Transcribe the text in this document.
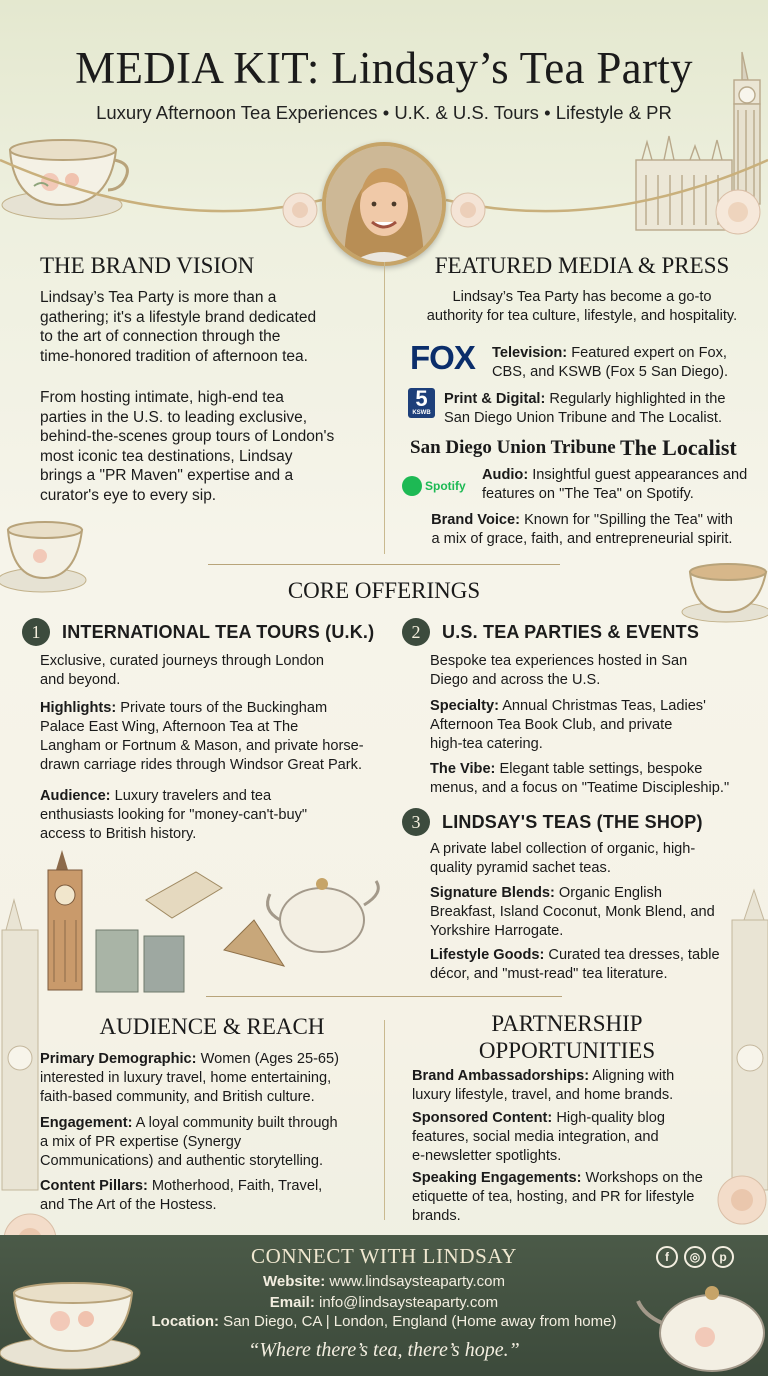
MEDIA KIT: Lindsay’s Tea Party
Luxury Afternoon Tea Experiences • U.K. & U.S. Tours • Lifestyle & PR
THE BRAND VISION
Lindsay’s Tea Party is more than a
gathering; it's a lifestyle brand dedicated
to the art of connection through the
time-honored tradition of afternoon tea.
From hosting intimate, high-end tea
parties in the U.S. to leading exclusive,
behind-the-scenes group tours of London's
most iconic tea destinations, Lindsay
brings a "PR Maven" expertise and a
curator's eye to every sip.
FEATURED MEDIA & PRESS
Lindsay’s Tea Party has become a go-to
authority for tea culture, lifestyle, and hospitality.
FOX Television: Featured expert on Fox,
CBS, and KSWB (Fox 5 San Diego).
5
KSWB
Print & Digital: Regularly highlighted in the
San Diego Union Tribune and The Localist.
San Diego Union Tribune The Localist
Spotify
Audio: Insightful guest appearances and
features on "The Tea" on Spotify.
Brand Voice: Known for "Spilling the Tea" with
a mix of grace, faith, and entrepreneurial spirit.
CORE OFFERINGS
1	INTERNATIONAL TEA TOURS (U.K.)
Exclusive, curated journeys through London
and beyond.
Highlights: Private tours of the Buckingham
Palace East Wing, Afternoon Tea at The
Langham or Fortnum & Mason, and private horse-
drawn carriage rides through Windsor Great Park.
Audience: Luxury travelers and tea
enthusiasts looking for "money-can't-buy"
access to British history.
2	U.S. TEA PARTIES & EVENTS
Bespoke tea experiences hosted in San
Diego and across the U.S.
Specialty: Annual Christmas Teas, Ladies'
Afternoon Tea Book Club, and private
high-tea catering.
The Vibe: Elegant table settings, bespoke
menus, and a focus on "Teatime Discipleship."
3	LINDSAY'S TEAS (THE SHOP)
A private label collection of organic, high-
quality pyramid sachet teas.
Signature Blends: Organic English
Breakfast, Island Coconut, Monk Blend, and
Yorkshire Harrogate.
Lifestyle Goods: Curated tea dresses, table
décor, and "must-read" tea literature.
AUDIENCE & REACH
Primary Demographic: Women (Ages 25-65)
interested in luxury travel, home entertaining,
faith-based community, and British culture.
Engagement: A loyal community built through
a mix of PR expertise (Synergy
Communications) and authentic storytelling.
Content Pillars: Motherhood, Faith, Travel,
and The Art of the Hostess.
PARTNERSHIP
OPPORTUNITIES
Brand Ambassadorships: Aligning with
luxury lifestyle, travel, and home brands.
Sponsored Content: High-quality blog
features, social media integration, and
e-newsletter spotlights.
Speaking Engagements: Workshops on the
etiquette of tea, hosting, and PR for lifestyle
brands.
CONNECT WITH LINDSAY	f	◎	p
Website: www.lindsaysteaparty.com
Email: info@lindsaysteaparty.com
Location: San Diego, CA | London, England (Home away from home)
“Where there’s tea, there’s hope.”
